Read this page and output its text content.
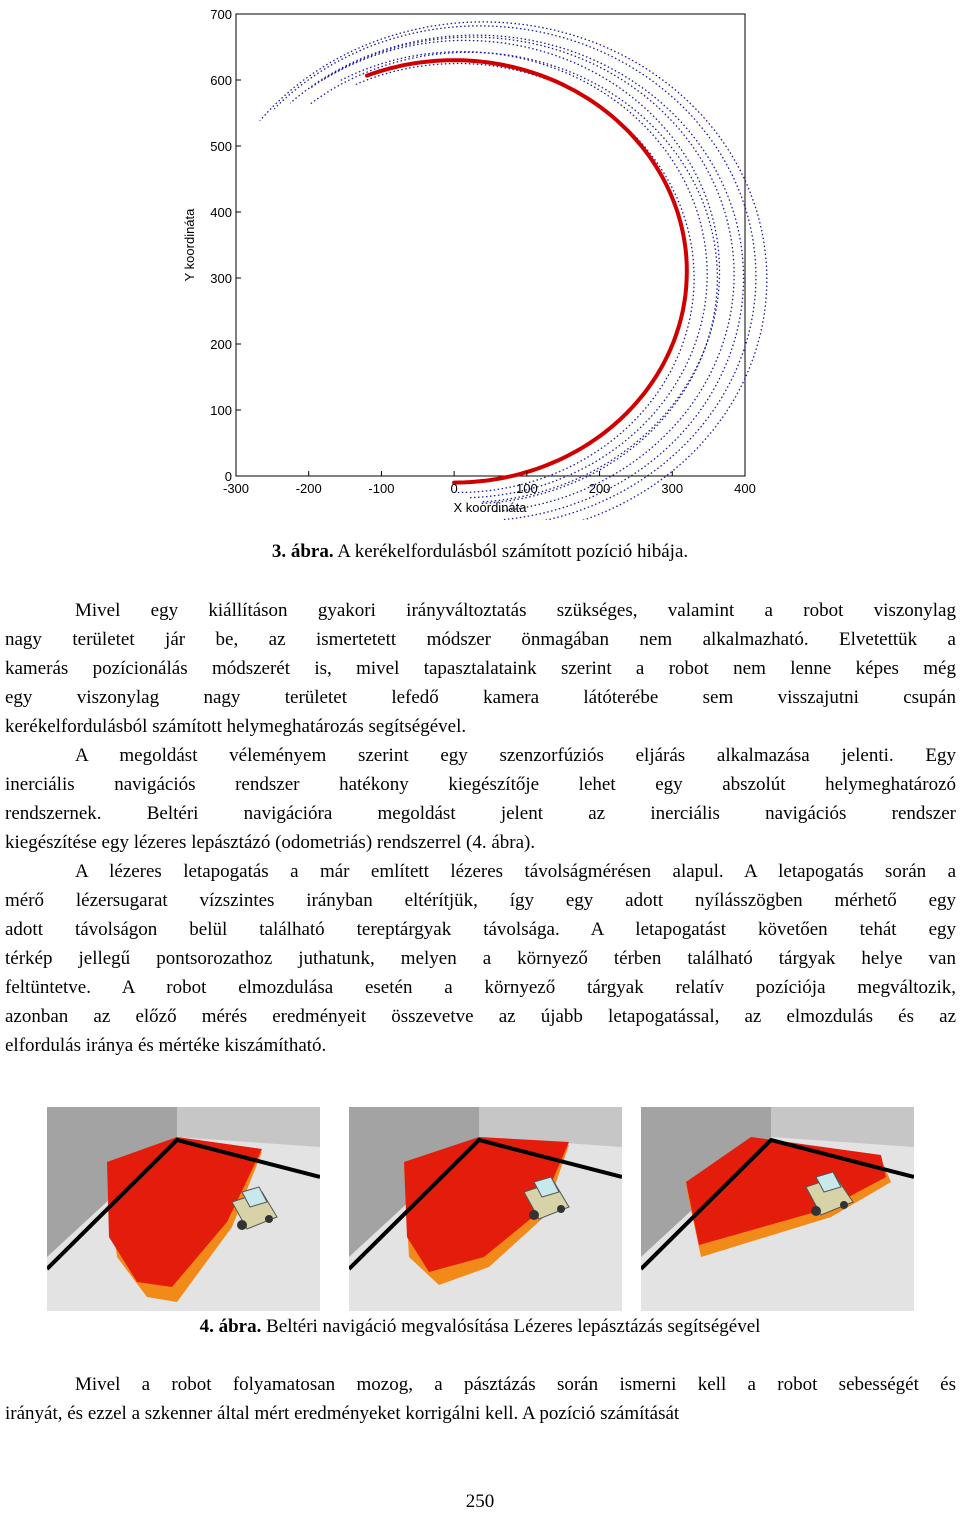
-300	-200	-100	0	100	200	300	400
0
100
200
300
400
500
600
700
X koordináta
Y koordináta
3. ábra. A kerékelfordulásból számított pozíció hibája.
Mivel egy kiállításon gyakori irányváltoztatás szükséges, valamint a robot viszonylag
nagy területet jár be, az ismertetett módszer önmagában nem alkalmazható. Elvetettük a
kamerás pozícionálás módszerét is, mivel tapasztalataink szerint a robot nem lenne képes még
egy viszonylag nagy területet lefedő kamera látóterébe sem visszajutni csupán
kerékelfordulásból számított helymeghatározás segítségével.
A megoldást véleményem szerint egy szenzorfúziós eljárás alkalmazása jelenti. Egy
inerciális navigációs rendszer hatékony kiegészítője lehet egy abszolút helymeghatározó
rendszernek. Beltéri navigációra megoldást jelent az inerciális navigációs rendszer
kiegészítése egy lézeres lepásztázó (odometriás) rendszerrel (4. ábra).
A lézeres letapogatás a már említett lézeres távolságmérésen alapul. A letapogatás során a
mérő lézersugarat vízszintes irányban eltérítjük, így egy adott nyílásszögben mérhető egy
adott távolságon belül található tereptárgyak távolsága. A letapogatást követően tehát egy
térkép jellegű pontsorozathoz juthatunk, melyen a környező térben található tárgyak helye van
feltüntetve. A robot elmozdulása esetén a környező tárgyak relatív pozíciója megváltozik,
azonban az előző mérés eredményeit összevetve az újabb letapogatással, az elmozdulás és az
elfordulás iránya és mértéke kiszámítható.
4. ábra. Beltéri navigáció megvalósítása Lézeres lepásztázás segítségével
Mivel a robot folyamatosan mozog, a pásztázás során ismerni kell a robot sebességét és
irányát, és ezzel a szkenner által mért eredményeket korrigálni kell. A pozíció számítását
250
